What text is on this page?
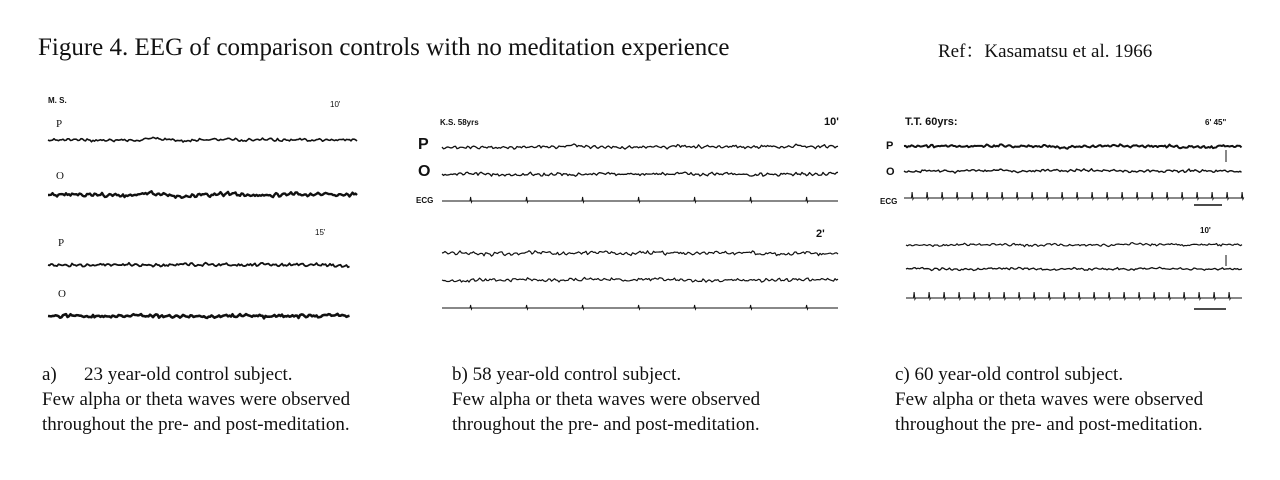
Figure 4. EEG of comparison controls with no meditation experience	Ref：Kasamatsu et al. 1966
M. S.	10'
P
O
15'
P
O
K.S. 58yrs	10'
P
O
ECG
2'
T.T. 60yrs:	6' 45"
P
O
ECG
10'
a) 23 year-old control subject.
Few alpha or theta waves were observed
throughout the pre- and post-meditation.
b) 58 year-old control subject.
Few alpha or theta waves were observed
throughout the pre- and post-meditation.
c) 60 year-old control subject.
Few alpha or theta waves were observed
throughout the pre- and post-meditation.
